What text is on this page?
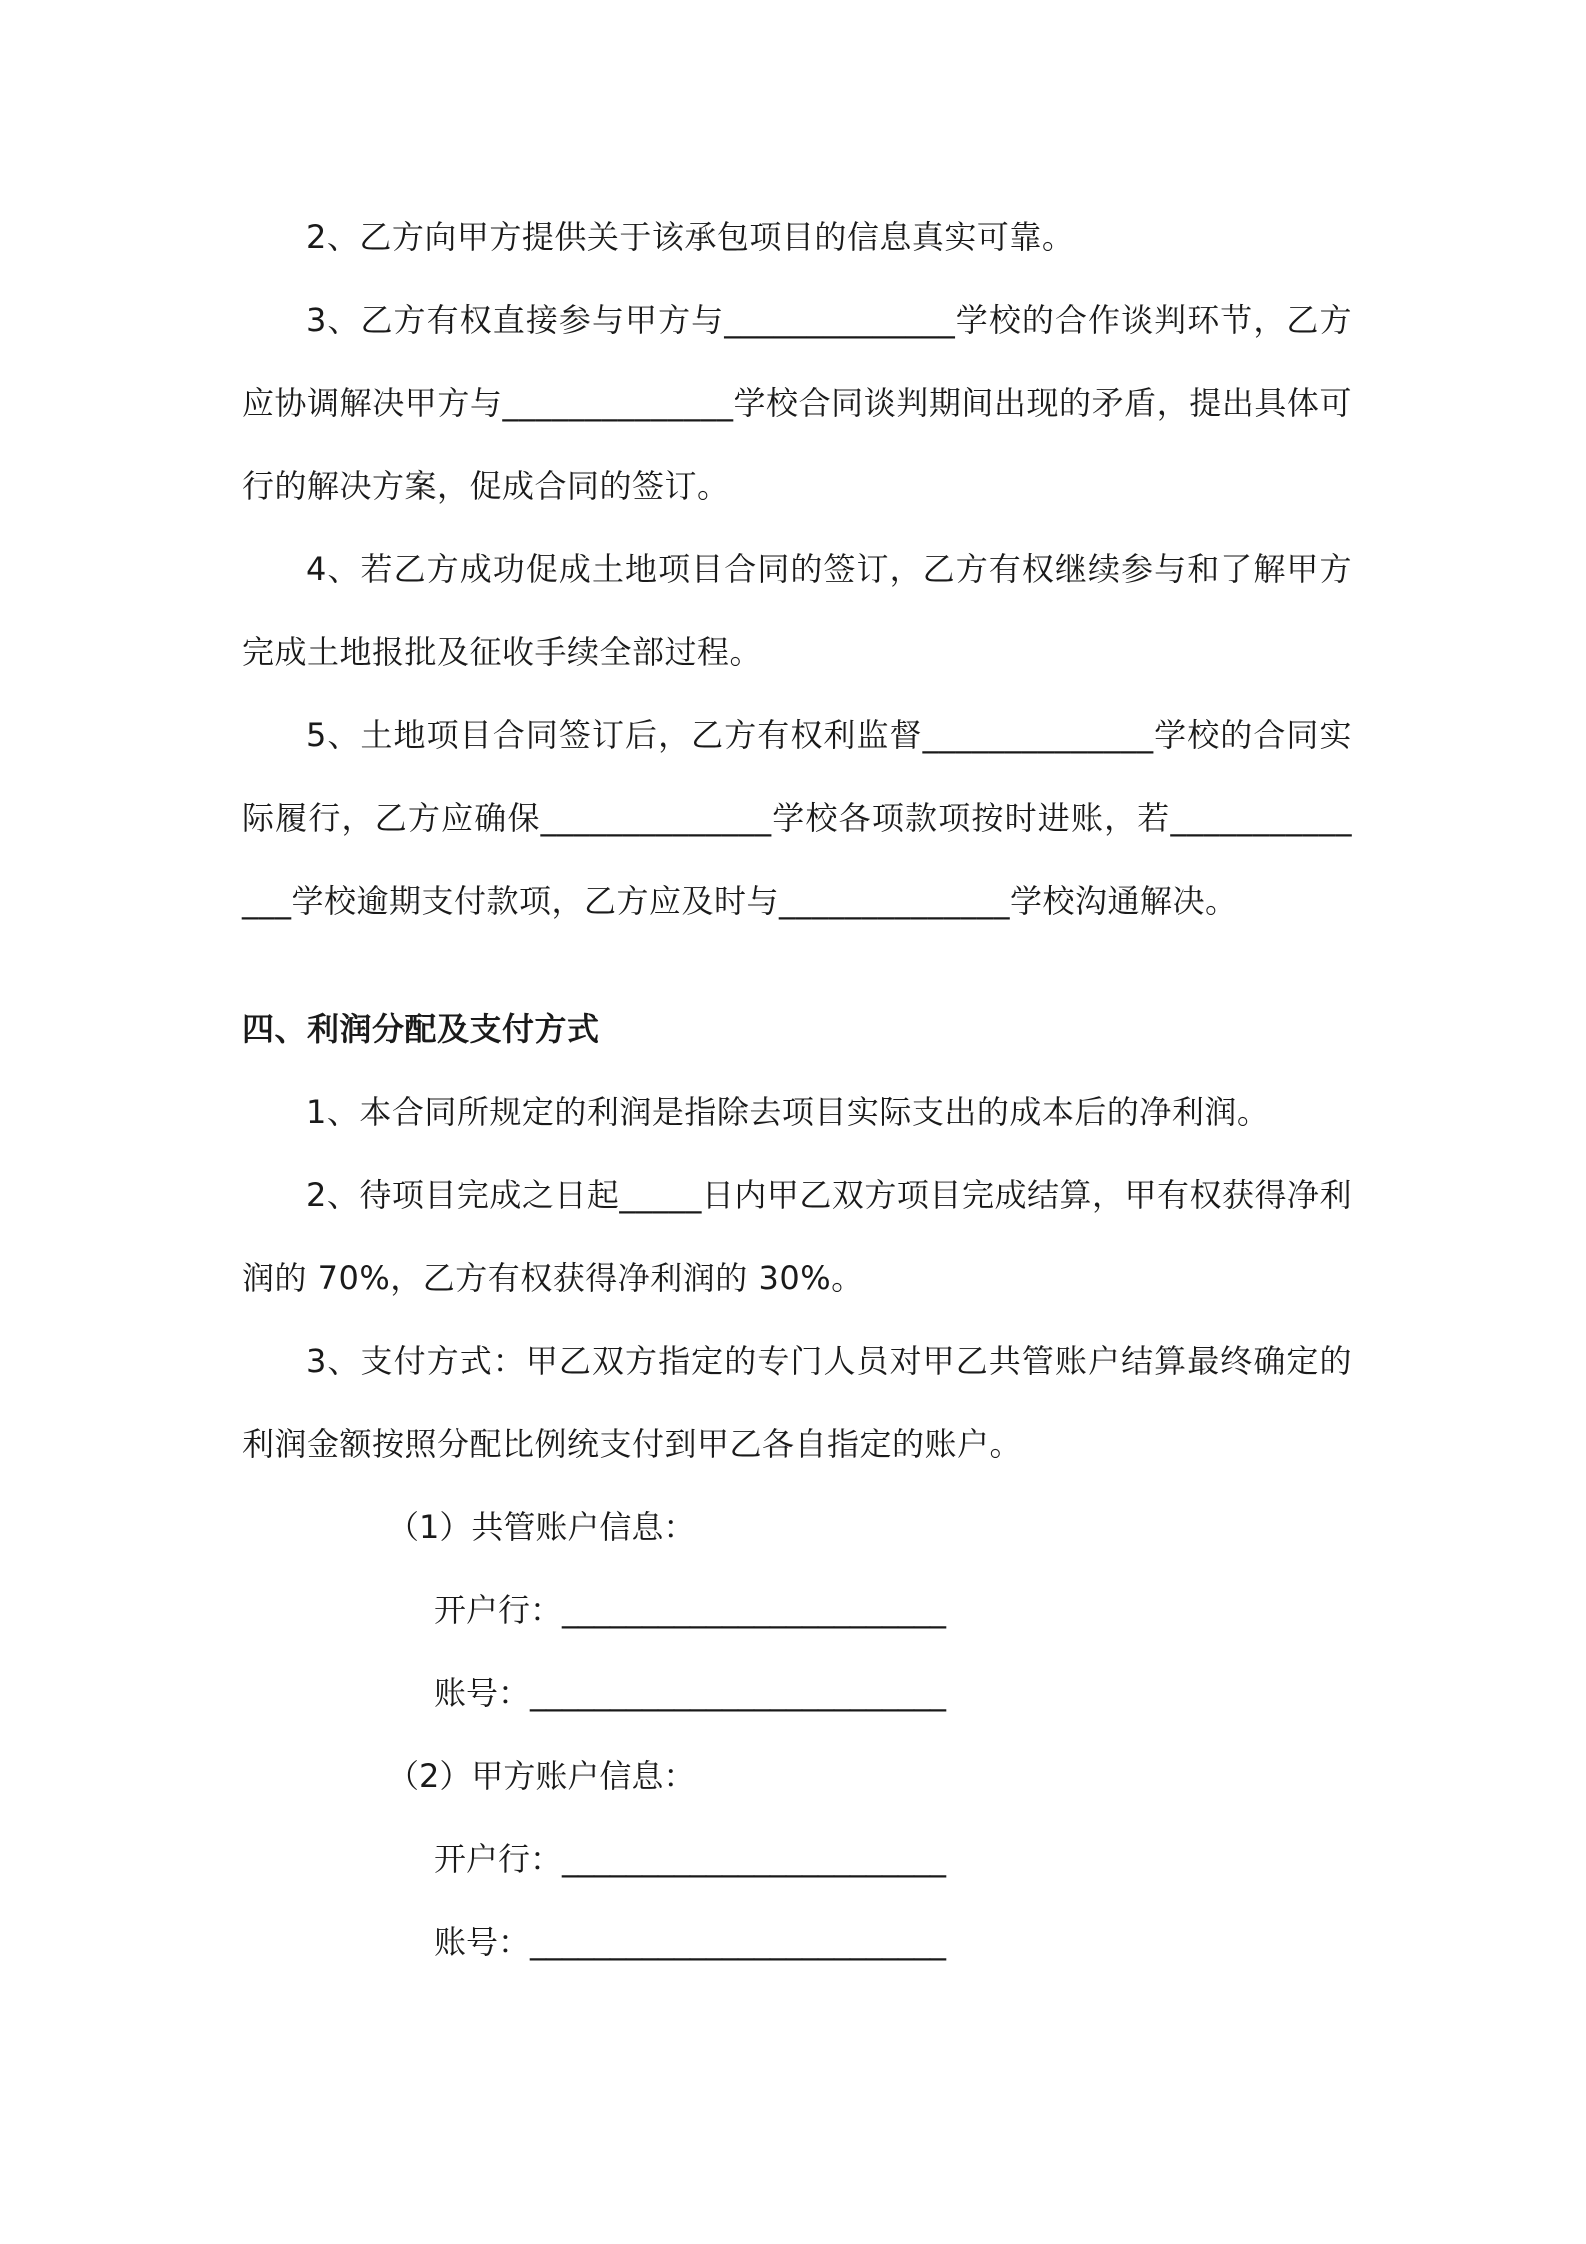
2、乙方向甲方提供关于该承包项目的信息真实可靠。

3、乙方有权直接参与甲方与______________学校的合作谈判环节，乙方应协调解决甲方与______________学校合同谈判期间出现的矛盾，提出具体可行的解决方案，促成合同的签订。

4、若乙方成功促成土地项目合同的签订，乙方有权继续参与和了解甲方完成土地报批及征收手续全部过程。

5、土地项目合同签订后，乙方有权利监督______________学校的合同实际履行，乙方应确保______________学校各项款项按时进账，若______________学校逾期支付款项，乙方应及时与______________学校沟通解决。

四、利润分配及支付方式

1、本合同所规定的利润是指除去项目实际支出的成本后的净利润。

2、待项目完成之日起_____日内甲乙双方项目完成结算，甲有权获得净利润的 70%，乙方有权获得净利润的 30%。

3、支付方式：甲乙双方指定的专门人员对甲乙共管账户结算最终确定的利润金额按照分配比例统支付到甲乙各自指定的账户。

（1）共管账户信息：
开户行：________________________
账号：__________________________
（2）甲方账户信息：
开户行：________________________
账号：__________________________
